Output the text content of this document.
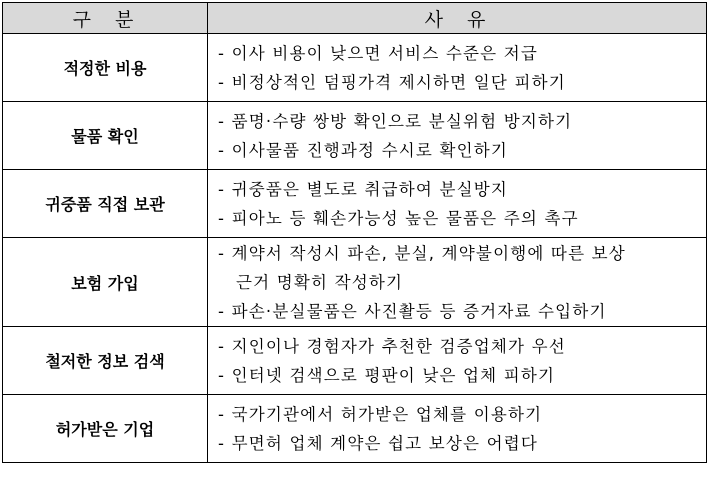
구  분	사  유
적정한 비용	- 이사 비용이 낮으면 서비스 수준은 저급
- 비정상적인 덤핑가격 제시하면 일단 피하기

물품 확인	- 품명·수량 쌍방 확인으로 분실위험 방지하기
- 이사물품 진행과정 수시로 확인하기

귀중품 직접 보관	- 귀중품은 별도로 취급하여 분실방지
- 피아노 등 훼손가능성 높은 물품은 주의 촉구

보험 가입	- 계약서 작성시 파손, 분실, 계약불이행에 따른 보상
근거 명확히 작성하기
- 파손·분실물품은 사진촬등 등 증거자료 수입하기

철저한 정보 검색	- 지인이나 경험자가 추천한 검증업체가 우선
- 인터넷 검색으로 평판이 낮은 업체 피하기

허가받은 기업	- 국가기관에서 허가받은 업체를 이용하기
- 무면허 업체 계약은 쉽고 보상은 어렵다
